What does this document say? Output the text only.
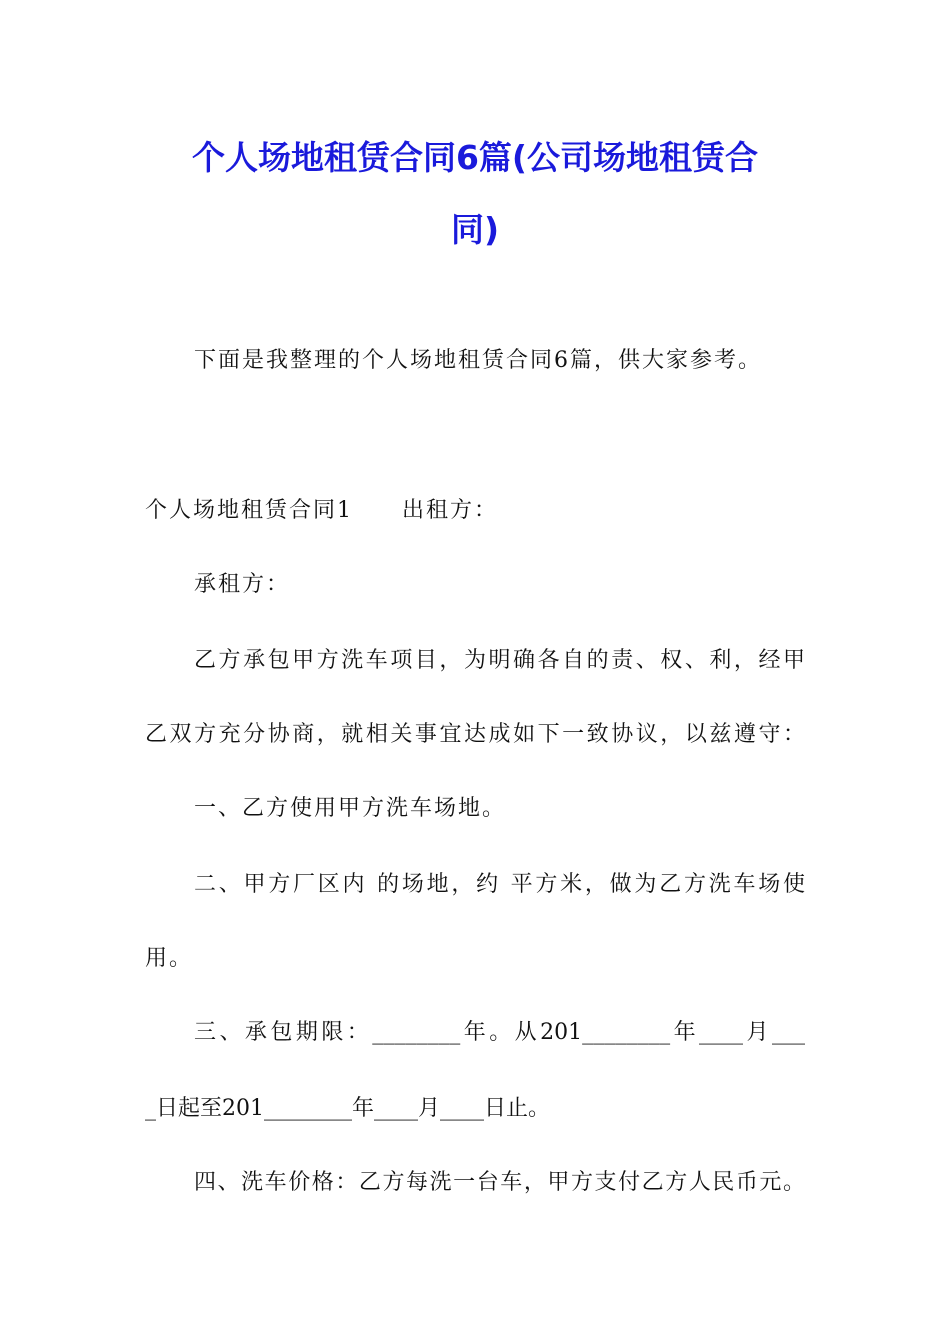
个人场地租赁合同6篇(公司场地租赁合
同)
下面是我整理的个人场地租赁合同6篇，供大家参考。
个人场地租赁合同1 出租方：
承租方：
乙方承包甲方洗车项目，为明确各自的责、权、利，经甲
乙双方充分协商，就相关事宜达成如下一致协议，以兹遵守：
一、乙方使用甲方洗车场地。
二、甲方厂区内 的场地，约 平方米，做为乙方洗车场使
用。
三、承包期限：________年。从201________年____月___
_日起至201________年____月____日止。
四、洗车价格：乙方每洗一台车，甲方支付乙方人民币元。
